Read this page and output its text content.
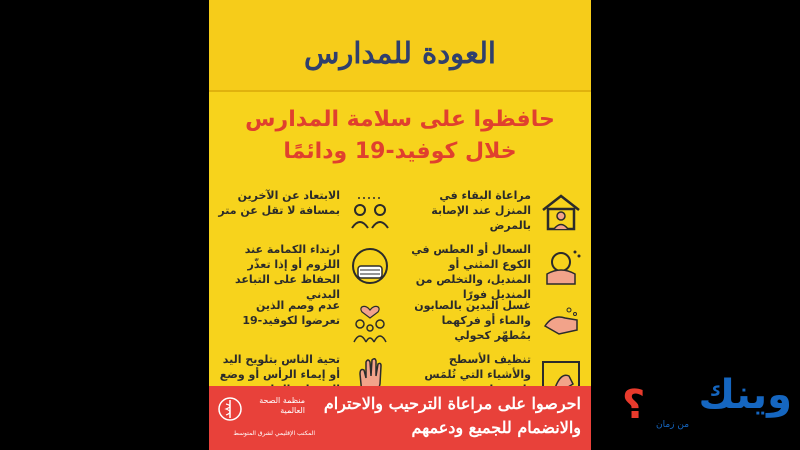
العودة للمدارس
حافظوا على سلامة المدارس
خلال كوفيد-19 ودائمًا
مراعاة البقاء في المنزل عند الإصابة بالمرض
الابتعاد عن الآخرين بمسافة لا تقل عن متر
السعال أو العطس في الكوع المثني أو المنديل، والتخلص من المنديل فورًا
ارتداء الكمامة عند اللزوم أو إذا تعذّر الحفاظ على التباعد البدني
غسل اليدين بالصابون والماء أو فركهما بمُطهّر كحولي
عدم وصم الذين تعرضوا لكوفيد-19
تنظيف الأسطح والأشياء التي تُلمَس
تحية الناس بتلويح اليد أو إيماء الرأس أو وضع
منظمة الصحة العالمية
المكتب الإقليمي لشرق المتوسط
احرصوا على مراعاة الترحيب والاحترام
والانضمام للجميع ودعمهم ؟ وينك
من زمان
